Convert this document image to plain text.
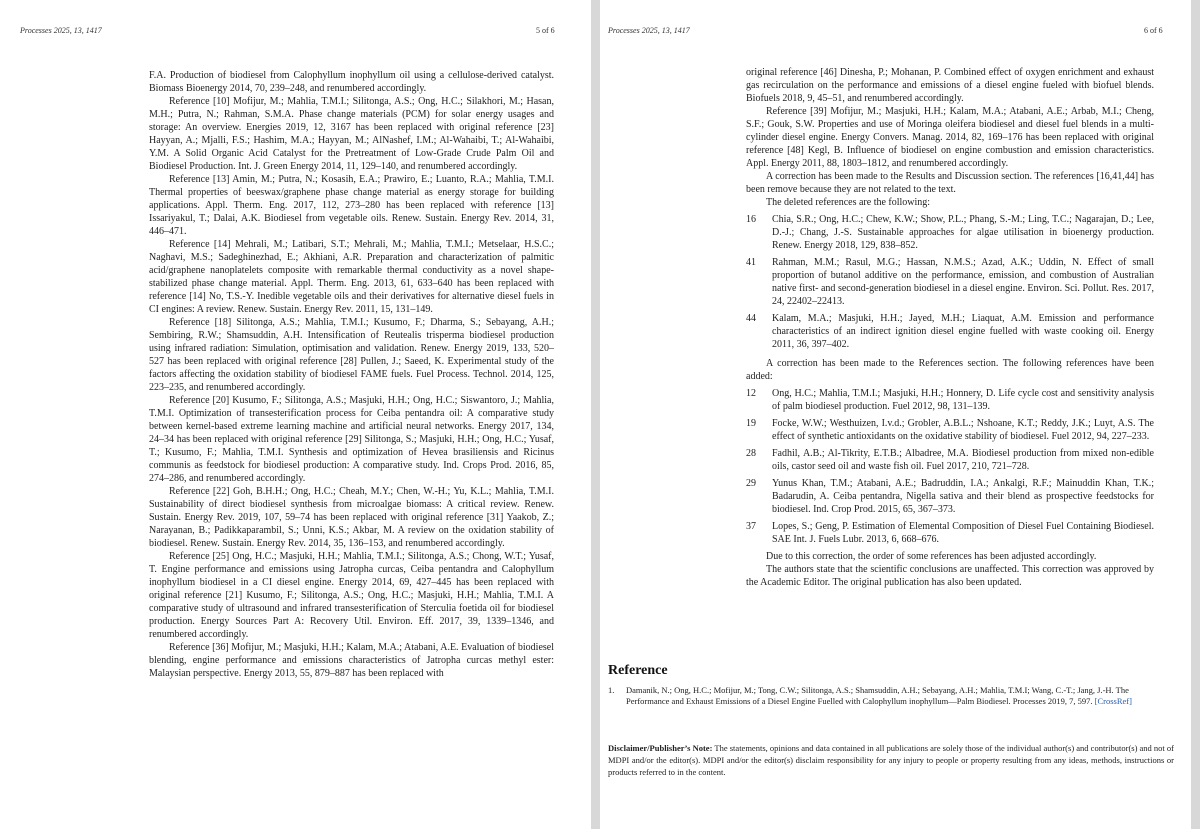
Processes 2025, 13, 1417	5 of 6

F.A. Production of biodiesel from Calophyllum inophyllum oil using a cellulose-derived catalyst. Biomass Bioenergy 2014, 70, 239–248, and renumbered accordingly.

Reference [10] Mofijur, M.; Mahlia, T.M.I.; Silitonga, A.S.; Ong, H.C.; Silakhori, M.; Hasan, M.H.; Putra, N.; Rahman, S.M.A. Phase change materials (PCM) for solar energy usages and storage: An overview. Energies 2019, 12, 3167 has been replaced with original reference [23] Hayyan, A.; Mjalli, F.S.; Hashim, M.A.; Hayyan, M.; AlNashef, I.M.; Al-Wahaibi, T.; Al-Wahaibi, Y.M. A Solid Organic Acid Catalyst for the Pretreatment of Low-Grade Crude Palm Oil and Biodiesel Production. Int. J. Green Energy 2014, 11, 129–140, and renumbered accordingly.

Reference [13] Amin, M.; Putra, N.; Kosasih, E.A.; Prawiro, E.; Luanto, R.A.; Mahlia, T.M.I. Thermal properties of beeswax/graphene phase change material as energy storage for building applications. Appl. Therm. Eng. 2017, 112, 273–280 has been replaced with reference [13] Issariyakul, T.; Dalai, A.K. Biodiesel from vegetable oils. Renew. Sustain. Energy Rev. 2014, 31, 446–471.

Reference [14] Mehrali, M.; Latibari, S.T.; Mehrali, M.; Mahlia, T.M.I.; Metselaar, H.S.C.; Naghavi, M.S.; Sadeghinezhad, E.; Akhiani, A.R. Preparation and characterization of palmitic acid/graphene nanoplatelets composite with remarkable thermal conductivity as a novel shape-stabilized phase change material. Appl. Therm. Eng. 2013, 61, 633–640 has been replaced with reference [14] No, T.S.-Y. Inedible vegetable oils and their derivatives for alternative diesel fuels in CI engines: A review. Renew. Sustain. Energy Rev. 2011, 15, 131–149.

Reference [18] Silitonga, A.S.; Mahlia, T.M.I.; Kusumo, F.; Dharma, S.; Sebayang, A.H.; Sembiring, R.W.; Shamsuddin, A.H. Intensification of Reutealis trisperma biodiesel production using infrared radiation: Simulation, optimisation and validation. Renew. Energy 2019, 133, 520–527 has been replaced with original reference [28] Pullen, J.; Saeed, K. Experimental study of the factors affecting the oxidation stability of biodiesel FAME fuels. Fuel Process. Technol. 2014, 125, 223–235, and renumbered accordingly.

Reference [20] Kusumo, F.; Silitonga, A.S.; Masjuki, H.H.; Ong, H.C.; Siswantoro, J.; Mahlia, T.M.I. Optimization of transesterification process for Ceiba pentandra oil: A comparative study between kernel-based extreme learning machine and artificial neural networks. Energy 2017, 134, 24–34 has been replaced with original reference [29] Silitonga, S.; Masjuki, H.H.; Ong, H.C.; Yusaf, T.; Kusumo, F.; Mahlia, T.M.I. Synthesis and optimization of Hevea brasiliensis and Ricinus communis as feedstock for biodiesel production: A comparative study. Ind. Crops Prod. 2016, 85, 274–286, and renumbered accordingly.

Reference [22] Goh, B.H.H.; Ong, H.C.; Cheah, M.Y.; Chen, W.-H.; Yu, K.L.; Mahlia, T.M.I. Sustainability of direct biodiesel synthesis from microalgae biomass: A critical review. Renew. Sustain. Energy Rev. 2019, 107, 59–74 has been replaced with original reference [31] Yaakob, Z.; Narayanan, B.; Padikkaparambil, S.; Unni, K.S.; Akbar, M. A review on the oxidation stability of biodiesel. Renew. Sustain. Energy Rev. 2014, 35, 136–153, and renumbered accordingly.

Reference [25] Ong, H.C.; Masjuki, H.H.; Mahlia, T.M.I.; Silitonga, A.S.; Chong, W.T.; Yusaf, T. Engine performance and emissions using Jatropha curcas, Ceiba pentandra and Calophyllum inophyllum biodiesel in a CI diesel engine. Energy 2014, 69, 427–445 has been replaced with original reference [21] Kusumo, F.; Silitonga, A.S.; Ong, H.C.; Masjuki, H.H.; Mahlia, T.M.I. A comparative study of ultrasound and infrared transesterification of Sterculia foetida oil for biodiesel production. Energy Sources Part A: Recovery Util. Environ. Eff. 2017, 39, 1339–1346, and renumbered accordingly.

Reference [36] Mofijur, M.; Masjuki, H.H.; Kalam, M.A.; Atabani, A.E. Evaluation of biodiesel blending, engine performance and emissions characteristics of Jatropha curcas methyl ester: Malaysian perspective. Energy 2013, 55, 879–887 has been replaced with

Processes 2025, 13, 1417	6 of 6

original reference [46] Dinesha, P.; Mohanan, P. Combined effect of oxygen enrichment and exhaust gas recirculation on the performance and emissions of a diesel engine fueled with biofuel blends. Biofuels 2018, 9, 45–51, and renumbered accordingly.

Reference [39] Mofijur, M.; Masjuki, H.H.; Kalam, M.A.; Atabani, A.E.; Arbab, M.I.; Cheng, S.F.; Gouk, S.W. Properties and use of Moringa oleifera biodiesel and diesel fuel blends in a multi-cylinder diesel engine. Energy Convers. Manag. 2014, 82, 169–176 has been replaced with original reference [48] Kegl, B. Influence of biodiesel on engine combustion and emission characteristics. Appl. Energy 2011, 88, 1803–1812, and renumbered accordingly.

A correction has been made to the Results and Discussion section. The references [16,41,44] has been remove because they are not related to the text.

The deleted references are the following:

16	Chia, S.R.; Ong, H.C.; Chew, K.W.; Show, P.L.; Phang, S.-M.; Ling, T.C.; Nagarajan, D.; Lee, D.-J.; Chang, J.-S. Sustainable approaches for algae utilisation in bioenergy production. Renew. Energy 2018, 129, 838–852.
41	Rahman, M.M.; Rasul, M.G.; Hassan, N.M.S.; Azad, A.K.; Uddin, N. Effect of small proportion of butanol additive on the performance, emission, and combustion of Australian native first- and second-generation biodiesel in a diesel engine. Environ. Sci. Pollut. Res. 2017, 24, 22402–22413.
44	Kalam, M.A.; Masjuki, H.H.; Jayed, M.H.; Liaquat, A.M. Emission and performance characteristics of an indirect ignition diesel engine fuelled with waste cooking oil. Energy 2011, 36, 397–402.

A correction has been made to the References section. The following references have been added:

12	Ong, H.C.; Mahlia, T.M.I.; Masjuki, H.H.; Honnery, D. Life cycle cost and sensitivity analysis of palm biodiesel production. Fuel 2012, 98, 131–139.
19	Focke, W.W.; Westhuizen, I.v.d.; Grobler, A.B.L.; Nshoane, K.T.; Reddy, J.K.; Luyt, A.S. The effect of synthetic antioxidants on the oxidative stability of biodiesel. Fuel 2012, 94, 227–233.
28	Fadhil, A.B.; Al-Tikrity, E.T.B.; Albadree, M.A. Biodiesel production from mixed non-edible oils, castor seed oil and waste fish oil. Fuel 2017, 210, 721–728.
29	Yunus Khan, T.M.; Atabani, A.E.; Badruddin, I.A.; Ankalgi, R.F.; Mainuddin Khan, T.K.; Badarudin, A. Ceiba pentandra, Nigella sativa and their blend as prospective feedstocks for biodiesel. Ind. Crop Prod. 2015, 65, 367–373.
37	Lopes, S.; Geng, P. Estimation of Elemental Composition of Diesel Fuel Containing Biodiesel. SAE Int. J. Fuels Lubr. 2013, 6, 668–676.

Due to this correction, the order of some references has been adjusted accordingly.

The authors state that the scientific conclusions are unaffected. This correction was approved by the Academic Editor. The original publication has also been updated.

Reference
1.	Damanik, N.; Ong, H.C.; Mofijur, M.; Tong, C.W.; Silitonga, A.S.; Shamsuddin, A.H.; Sebayang, A.H.; Mahlia, T.M.I; Wang, C.-T.; Jang, J.-H. The Performance and Exhaust Emissions of a Diesel Engine Fuelled with Calophyllum inophyllum—Palm Biodiesel. Processes 2019, 7, 597. [CrossRef]
Disclaimer/Publisher’s Note: The statements, opinions and data contained in all publications are solely those of the individual author(s) and contributor(s) and not of MDPI and/or the editor(s). MDPI and/or the editor(s) disclaim responsibility for any injury to people or property resulting from any ideas, methods, instructions or products referred to in the content.
